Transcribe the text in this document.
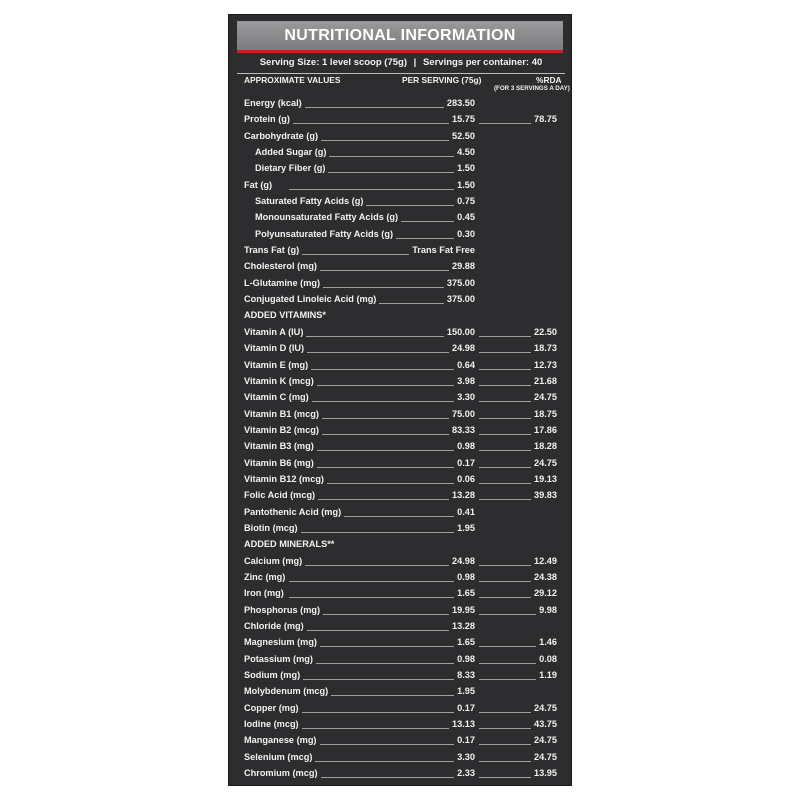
NUTRITIONAL INFORMATION
Serving Size: 1 level scoop (75g) | Servings per container: 40
APPROXIMATE VALUES	PER SERVING (75g)	%RDA
(FOR 3 SERVINGS A DAY)
Energy (kcal)	283.50
Protein (g)	15.75	78.75
Carbohydrate (g)	52.50
Added Sugar (g)	4.50
Dietary Fiber (g)	1.50
Fat (g)	1.50
Saturated Fatty Acids (g)	0.75
Monounsaturated Fatty Acids (g)	0.45
Polyunsaturated Fatty Acids (g)	0.30
Trans Fat (g)	Trans Fat Free
Cholesterol (mg)	29.88
L-Glutamine (mg)	375.00
Conjugated Linoleic Acid (mg)	375.00
ADDED VITAMINS*
Vitamin A (IU)	150.00	22.50
Vitamin D (IU)	24.98	18.73
Vitamin E (mg)	0.64	12.73
Vitamin K (mcg)	3.98	21.68
Vitamin C (mg)	3.30	24.75
Vitamin B1 (mcg)	75.00	18.75
Vitamin B2 (mcg)	83.33	17.86
Vitamin B3 (mg)	0.98	18.28
Vitamin B6 (mg)	0.17	24.75
Vitamin B12 (mcg)	0.06	19.13
Folic Acid (mcg)	13.28	39.83
Pantothenic Acid (mg)	0.41
Biotin (mcg)	1.95
ADDED MINERALS**
Calcium (mg)	24.98	12.49
Zinc (mg)	0.98	24.38
Iron (mg)	1.65	29.12
Phosphorus (mg)	19.95	9.98
Chloride (mg)	13.28
Magnesium (mg)	1.65	1.46
Potassium (mg)	0.98	0.08
Sodium (mg)	8.33	1.19
Molybdenum (mcg)	1.95
Copper (mg)	0.17	24.75
Iodine (mcg)	13.13	43.75
Manganese (mg)	0.17	24.75
Selenium (mcg)	3.30	24.75
Chromium (mcg)	2.33	13.95
